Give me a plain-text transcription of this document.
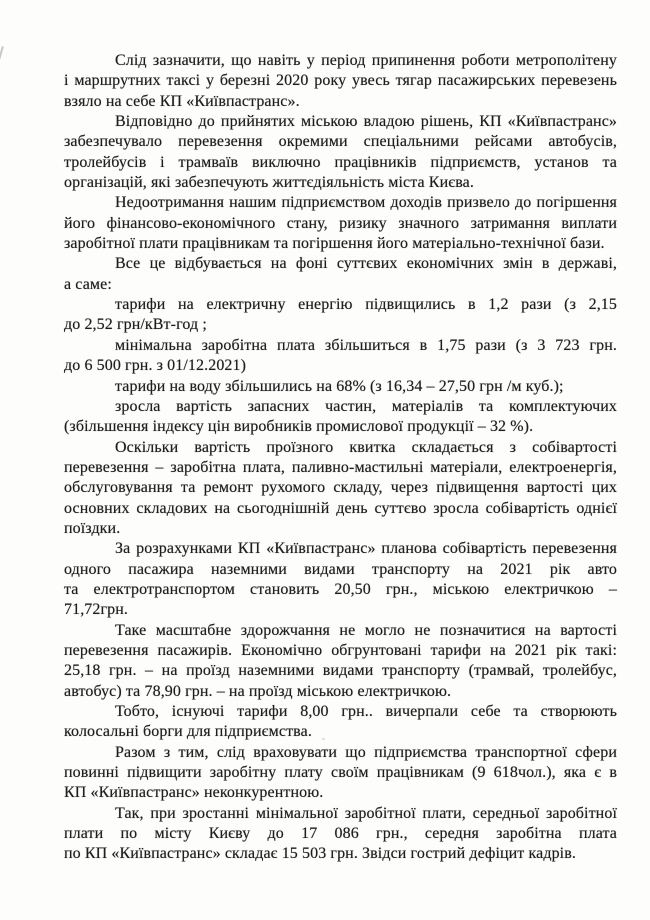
Слід зазначити, що навіть у період припинення роботи метрополітену
і маршрутних таксі у березні 2020 року увесь тягар пасажирських перевезень
взяло на себе КП «Київпастранс».
Відповідно до прийнятих міською владою рішень, КП «Київпастранс»
забезпечувало перевезення окремими спеціальними рейсами автобусів,
тролейбусів і трамваїв виключно працівників підприємств, установ та
організацій, які забезпечують життєдіяльність міста Києва.
Недоотримання нашим підприємством доходів призвело до погіршення
його фінансово-економічного стану, ризику значного затримання виплати
заробітної плати працівникам та погіршення його матеріально-технічної бази.
Все це відбувається на фоні суттєвих економічних змін в державі,
а саме:
тарифи на електричну енергію підвищились в 1,2 рази (з 2,15
до 2,52 грн/кВт-год ;
мінімальна заробітна плата збільшиться в 1,75 рази (з 3 723 грн.
до 6 500 грн. з 01/12.2021)
тарифи на воду збільшились на 68% (з 16,34 – 27,50 грн /м куб.);
зросла вартість запасних частин, матеріалів та комплектуючих
(збільшення індексу цін виробників промислової продукції – 32 %).
Оскільки вартість проїзного квитка складається з собівартості
перевезення – заробітна плата, паливно-мастильні матеріали, електроенергія,
обслуговування та ремонт рухомого складу, через підвищення вартості цих
основних складових на сьогоднішній день суттєво зросла собівартість однієї
поїздки.
За розрахунками КП «Київпастранс» планова собівартість перевезення
одного пасажира наземними видами транспорту на 2021 рік авто
та електротранспортом становить 20,50 грн., міською електричкою –
71,72грн.
Таке масштабне здорожчання не могло не позначитися на вартості
перевезення пасажирів. Економічно обгрунтовані тарифи на 2021 рік такі:
25,18 грн. – на проїзд наземними видами транспорту (трамвай, тролейбус,
автобус) та 78,90 грн. – на проїзд міською електричкою.
Тобто, існуючі тарифи 8,00 грн.. вичерпали себе та створюють
колосальні борги для підприємства.
Разом з тим, слід враховувати що підприємства транспортної сфери
повинні підвищити заробітну плату своїм працівникам (9 618чол.), яка є в
КП «Київпастранс» неконкурентною.
Так, при зростанні мінімальної заробітної плати, середньої заробітної
плати по місту Києву до 17 086 грн., середня заробітна плата
по КП «Київпастранс» складає 15 503 грн. Звідси гострий дефіцит кадрів.
